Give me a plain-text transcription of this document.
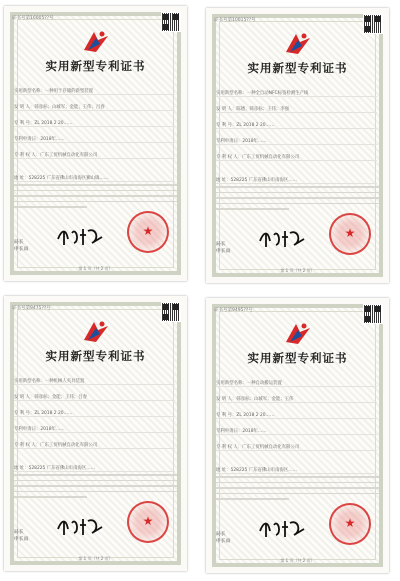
证书号第16005??号
实用新型专利证书
实用新型名称：一种用于存储的新型装置
发 明 人：韩彦标；山城军；金能；王伟；吕春
专 利 号：ZL 2018 2 20……
专利申请日：2018年……
专 利 权 人：广东工贸机械自动化有限公司
地 址：528225 广东省佛山市南海区狮山镇……
局长
申长雨
★
第 1 页（共 2 页）
证书号第10015??号
实用新型专利证书
实用新型名称：一种全自动NFC标签检测生产线
发 明 人：陈德；韩彦标；王伟；李强
专 利 号：ZL 2018 2 20……
专利申请日：2018年……
专 利 权 人：广东工贸机械自动化有限公司
地 址：528225 广东省佛山市南海区……
局长
申长雨
★
第 1 页（共 2 页）
证书号第9475??号
实用新型专利证书
实用新型名称：一种机械人夹具装置
发 明 人：韩彦标；金能；王伟；吕春
专 利 号：ZL 2018 2 20……
专利申请日：2018年……
专 利 权 人：广东工贸机械自动化有限公司
地 址：528225 广东省佛山市南海区……
局长
申长雨
★
第 1 页（共 2 页）
证书号第9495??号
实用新型专利证书
实用新型名称：一种自动搬运装置
发 明 人：韩彦标；山城军；金能；王伟
专 利 号：ZL 2018 2 20……
专利申请日：2018年……
专 利 权 人：广东工贸机械自动化有限公司
地 址：528225 广东省佛山市南海区……
局长
申长雨
★
第 1 页（共 2 页）
